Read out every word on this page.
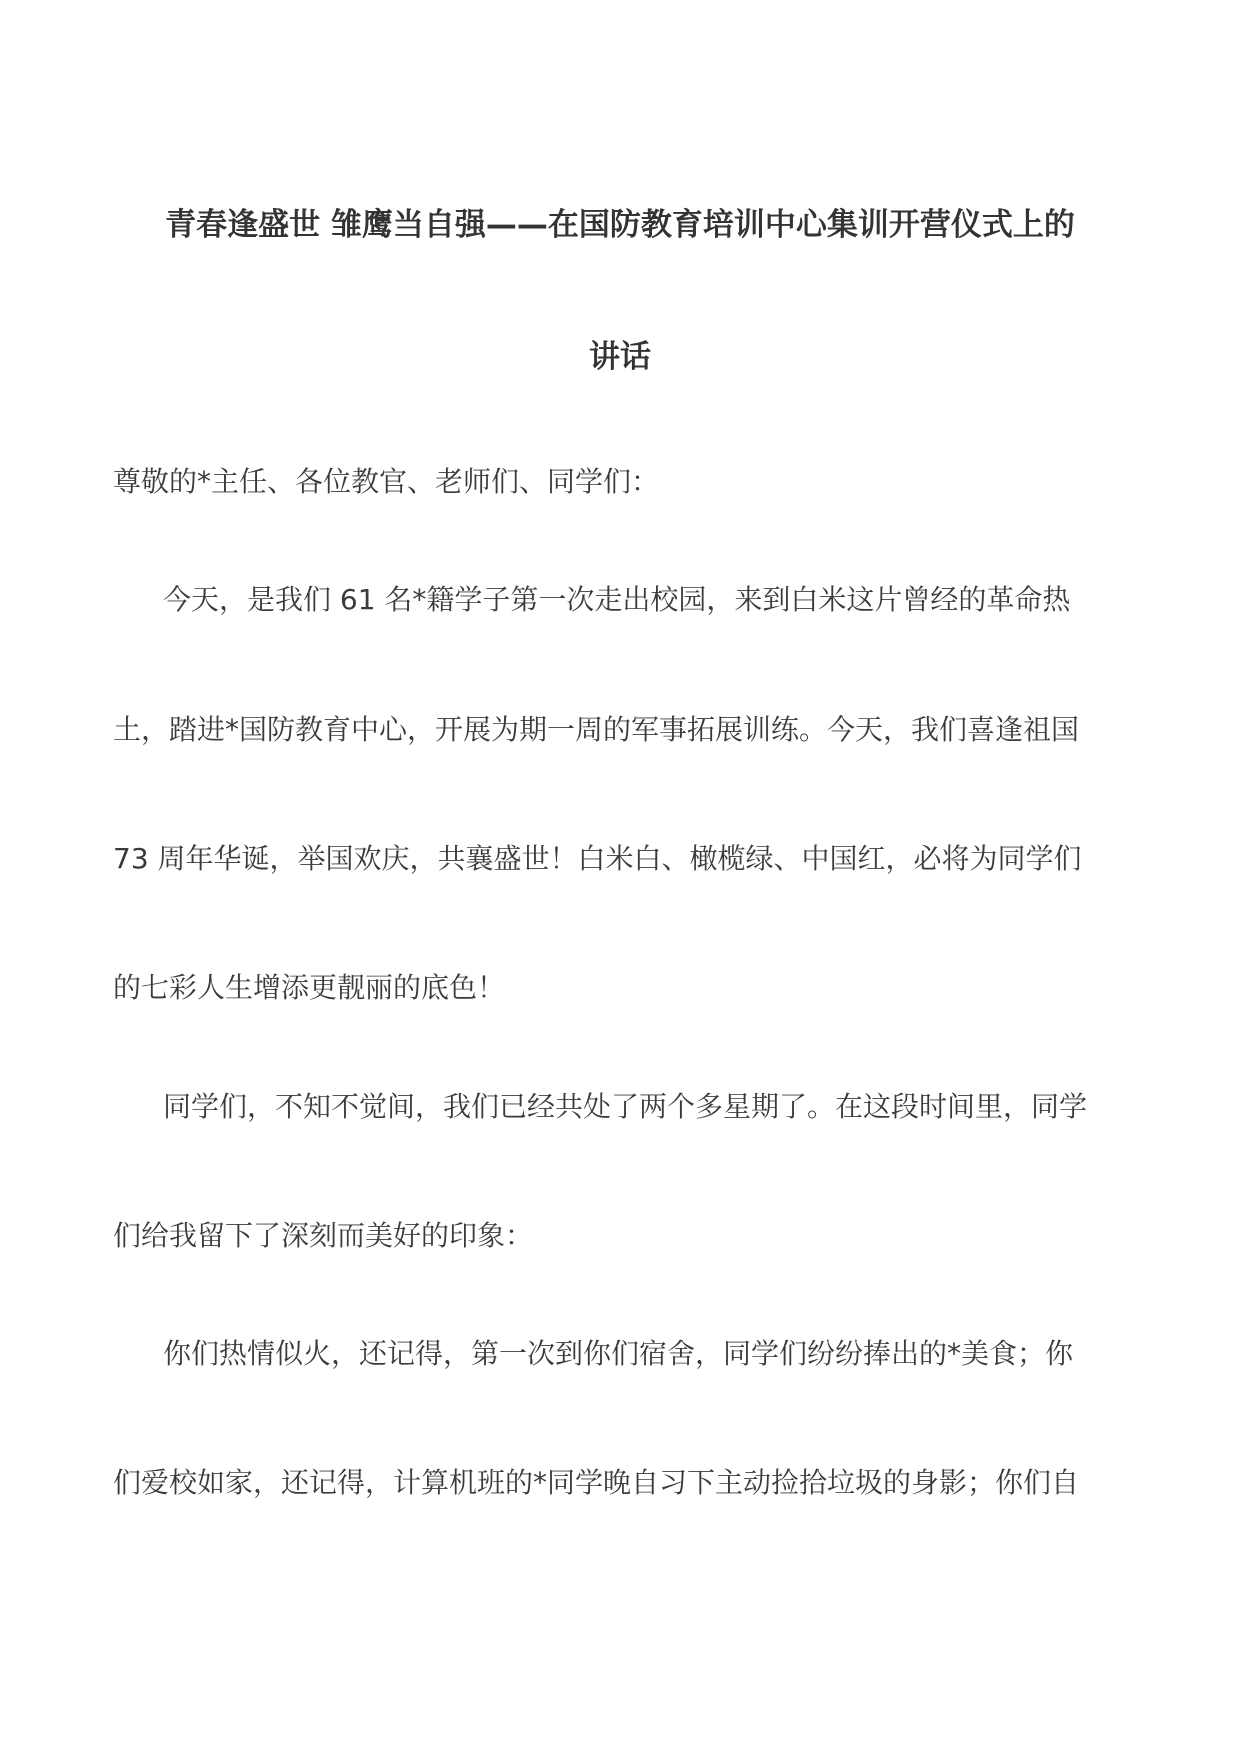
青春逢盛世 雏鹰当自强——在国防教育培训中心集训开营仪式上的
讲话

尊敬的*主任、各位教官、老师们、同学们：

今天，是我们 61 名*籍学子第一次走出校园，来到白米这片曾经的革命热

土，踏进*国防教育中心，开展为期一周的军事拓展训练。今天，我们喜逢祖国

73 周年华诞，举国欢庆，共襄盛世！白米白、橄榄绿、中国红，必将为同学们

的七彩人生增添更靓丽的底色！

同学们，不知不觉间，我们已经共处了两个多星期了。在这段时间里，同学

们给我留下了深刻而美好的印象：

你们热情似火，还记得，第一次到你们宿舍，同学们纷纷捧出的*美食；你

们爱校如家，还记得，计算机班的*同学晚自习下主动捡拾垃圾的身影；你们自
